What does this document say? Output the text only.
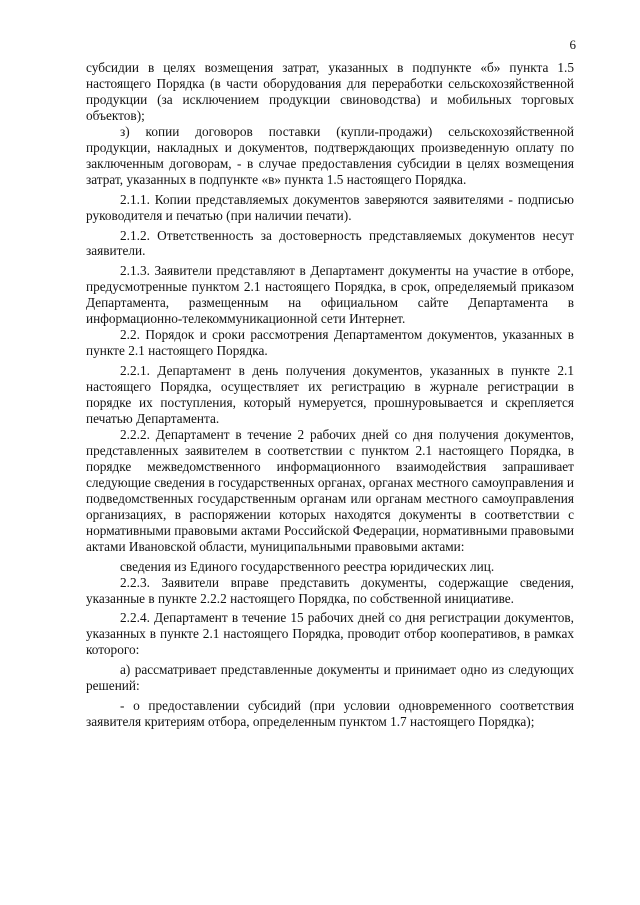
6

субсидии в целях возмещения затрат, указанных в подпункте «б» пункта 1.5 настоящего Порядка (в части оборудования для переработки сельскохозяйственной продукции (за исключением продукции свиноводства) и мобильных торговых объектов);

з) копии договоров поставки (купли-продажи) сельскохозяйственной продукции, накладных и документов, подтверждающих произведенную оплату по заключенным договорам, - в случае предоставления субсидии в целях возмещения затрат, указанных в подпункте «в» пункта 1.5 настоящего Порядка.

2.1.1. Копии представляемых документов заверяются заявителями - подписью руководителя и печатью (при наличии печати).

2.1.2. Ответственность за достоверность представляемых документов несут заявители.

2.1.3. Заявители представляют в Департамент документы на участие в отборе, предусмотренные пунктом 2.1 настоящего Порядка, в срок, определяемый приказом Департамента, размещенным на официальном сайте Департамента в информационно-телекоммуникационной сети Интернет.

2.2. Порядок и сроки рассмотрения Департаментом документов, указанных в пункте 2.1 настоящего Порядка.

2.2.1. Департамент в день получения документов, указанных в пункте 2.1 настоящего Порядка, осуществляет их регистрацию в журнале регистрации в порядке их поступления, который нумеруется, прошнуровывается и скрепляется печатью Департамента.

2.2.2. Департамент в течение 2 рабочих дней со дня получения документов, представленных заявителем в соответствии с пунктом 2.1 настоящего Порядка, в порядке межведомственного информационного взаимодействия запрашивает следующие сведения в государственных органах, органах местного самоуправления и подведомственных государственным органам или органам местного самоуправления организациях, в распоряжении которых находятся документы в соответствии с нормативными правовыми актами Российской Федерации, нормативными правовыми актами Ивановской области, муниципальными правовыми актами:

сведения из Единого государственного реестра юридических лиц.

2.2.3. Заявители вправе представить документы, содержащие сведения, указанные в пункте 2.2.2 настоящего Порядка, по собственной инициативе.

2.2.4. Департамент в течение 15 рабочих дней со дня регистрации документов, указанных в пункте 2.1 настоящего Порядка, проводит отбор кооперативов, в рамках которого:

а) рассматривает представленные документы и принимает одно из следующих решений:

- о предоставлении субсидий (при условии одновременного соответствия заявителя критериям отбора, определенным пунктом 1.7 настоящего Порядка);
